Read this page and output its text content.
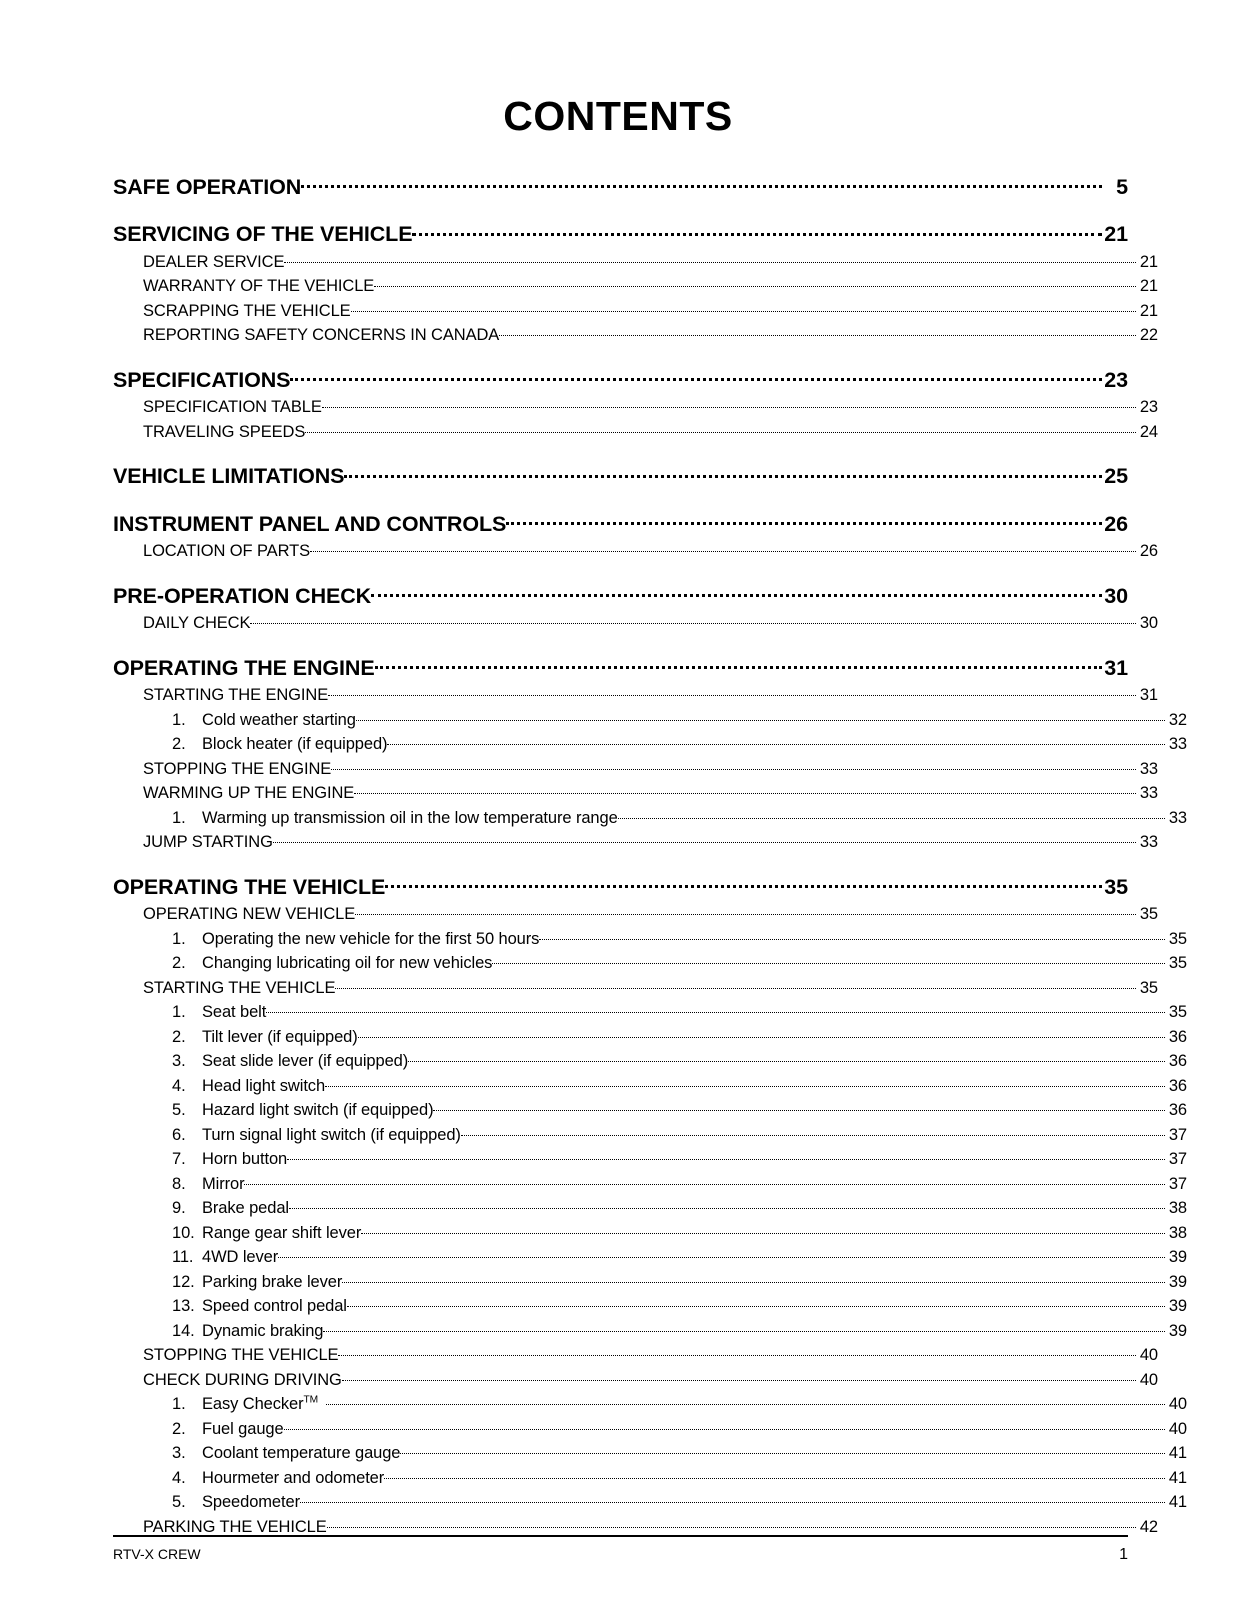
CONTENTS
SAFE OPERATION	5
SERVICING OF THE VEHICLE	21
DEALER SERVICE	21
WARRANTY OF THE VEHICLE	21
SCRAPPING THE VEHICLE	21
REPORTING SAFETY CONCERNS IN CANADA	22
SPECIFICATIONS	23
SPECIFICATION TABLE	23
TRAVELING SPEEDS	24
VEHICLE LIMITATIONS	25
INSTRUMENT PANEL AND CONTROLS	26
LOCATION OF PARTS	26
PRE-OPERATION CHECK	30
DAILY CHECK	30
OPERATING THE ENGINE	31
STARTING THE ENGINE	31
1. Cold weather starting	32
2. Block heater (if equipped)	33
STOPPING THE ENGINE	33
WARMING UP THE ENGINE	33
1. Warming up transmission oil in the low temperature range	33
JUMP STARTING	33
OPERATING THE VEHICLE	35
OPERATING NEW VEHICLE	35
1. Operating the new vehicle for the first 50 hours	35
2. Changing lubricating oil for new vehicles	35
STARTING THE VEHICLE	35
1. Seat belt	35
2. Tilt lever (if equipped)	36
3. Seat slide lever (if equipped)	36
4. Head light switch	36
5. Hazard light switch (if equipped)	36
6. Turn signal light switch (if equipped)	37
7. Horn button	37
8. Mirror	37
9. Brake pedal	38
10. Range gear shift lever	38
11. 4WD lever	39
12. Parking brake lever	39
13. Speed control pedal	39
14. Dynamic braking	39
STOPPING THE VEHICLE	40
CHECK DURING DRIVING	40
1. Easy Checker™	40
2. Fuel gauge	40
3. Coolant temperature gauge	41
4. Hourmeter and odometer	41
5. Speedometer	41
PARKING THE VEHICLE	42
RTV-X CREW	1
